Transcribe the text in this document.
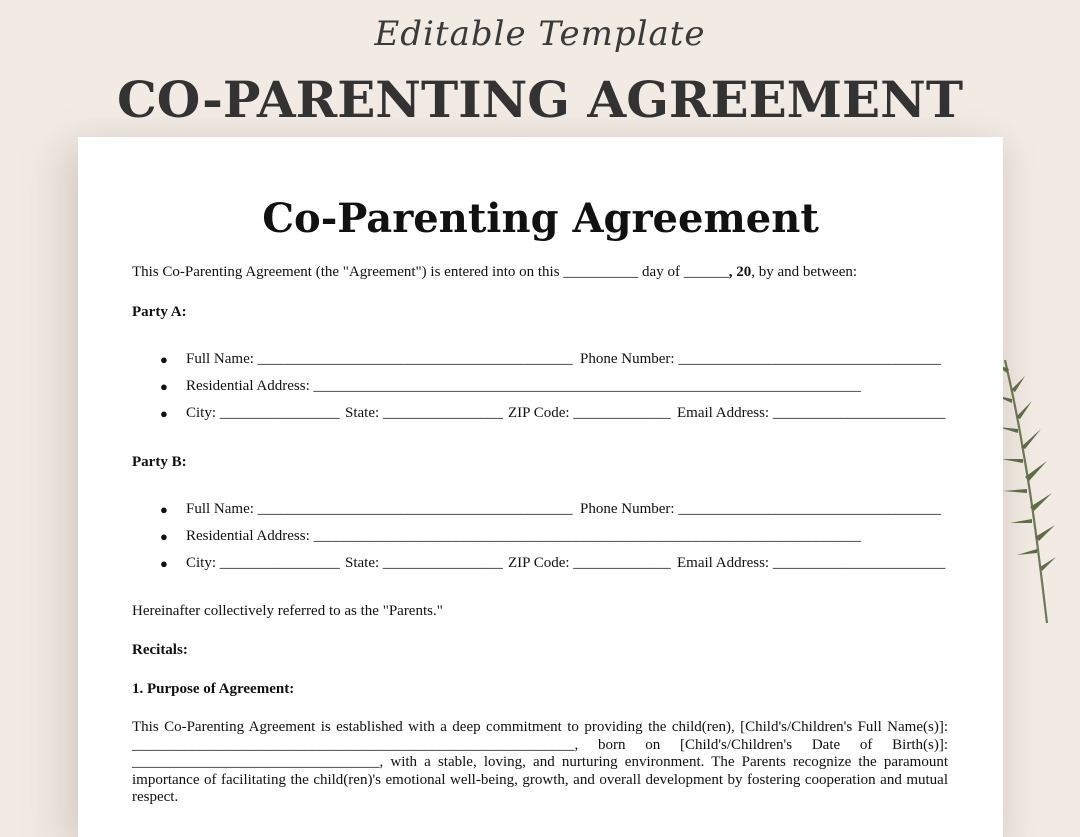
Editable Template
CO-PARENTING AGREEMENT
Co-Parenting Agreement
This Co-Parenting Agreement (the "Agreement") is entered into on this __________ day of ______, 20, by and between:
Party A:
● Full Name: __________________________________________ Phone Number: ___________________________________
● Residential Address: _________________________________________________________________________
● City: ________________ State: ________________ ZIP Code: _____________ Email Address: _______________________
Party B:
● Full Name: __________________________________________ Phone Number: ___________________________________
● Residential Address: _________________________________________________________________________
● City: ________________ State: ________________ ZIP Code: _____________ Email Address: _______________________
Hereinafter collectively referred to as the "Parents."
Recitals:
1. Purpose of Agreement:
This Co-Parenting Agreement is established with a deep commitment to providing the child(ren), [Child's/Children's Full Name(s)]: ___________________________________________________________, born on [Child's/Children's Date of Birth(s)]: _________________________________, with a stable, loving, and nurturing environment. The Parents recognize the paramount importance of facilitating the child(ren)'s emotional well-being, growth, and overall development by fostering cooperation and mutual respect.
